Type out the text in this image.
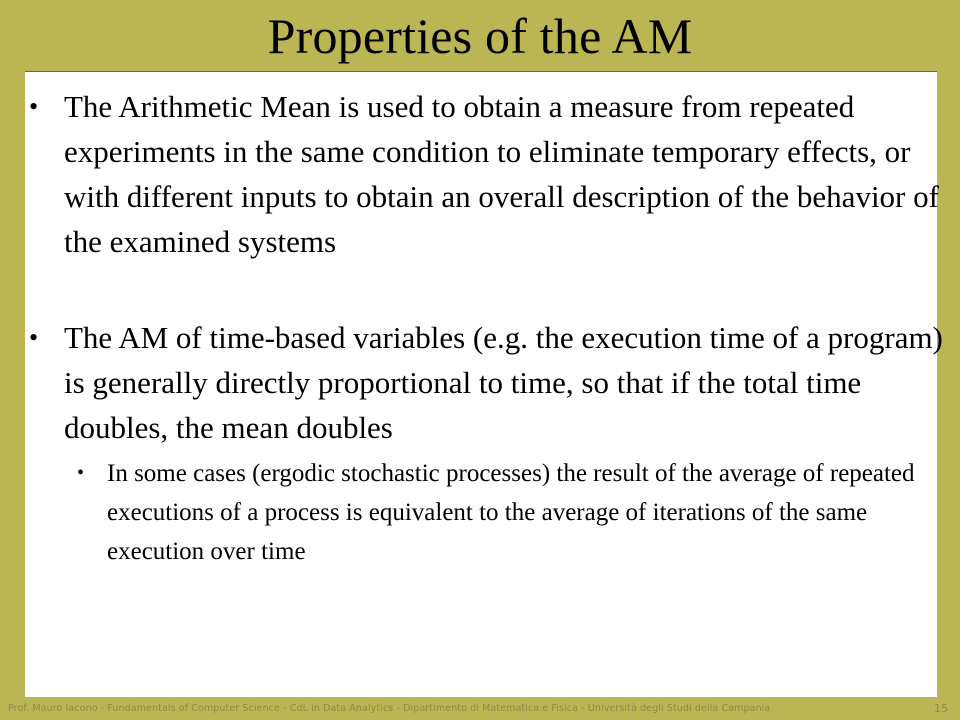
Properties of the AM
• The Arithmetic Mean is used to obtain a measure from repeated experiments in the same condition to eliminate temporary effects, or with different inputs to obtain an overall description of the behavior of the examined systems
• The AM of time-based variables (e.g. the execution time of a program) is generally directly proportional to time, so that if the total time doubles, the mean doubles
• In some cases (ergodic stochastic processes) the result of the average of repeated executions of a process is equivalent to the average of iterations of the same execution over time
Prof. Mauro Iacono - Fundamentals of Computer Science - CdL in Data Analytics - Dipartimento di Matematica e Fisica - Università degli Studi della Campania	15
